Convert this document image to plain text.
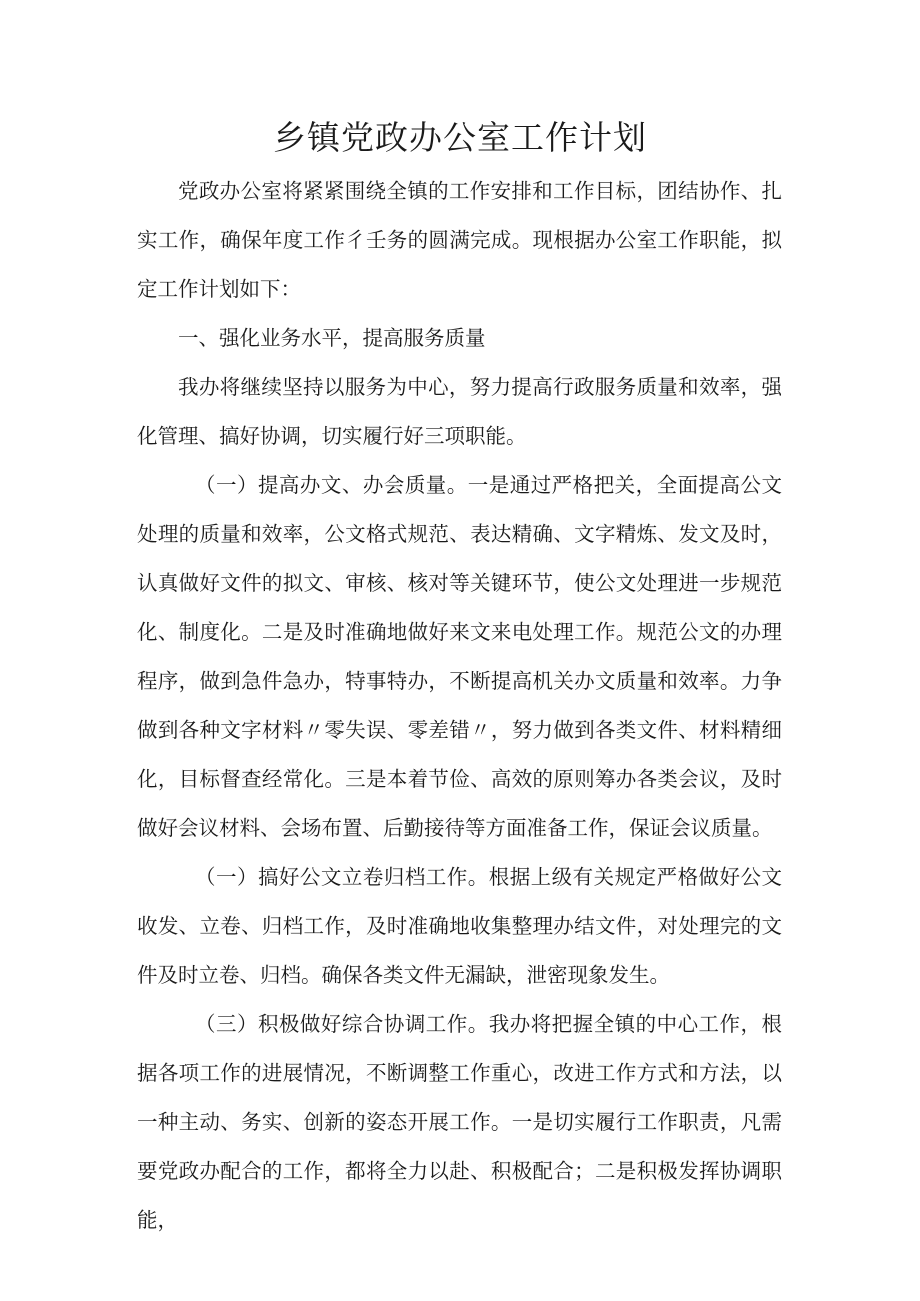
乡镇党政办公室工作计划

党政办公室将紧紧围绕全镇的工作安排和工作目标，团结协作、扎实工作，确保年度工作彳壬务的圆满完成。现根据办公室工作职能，拟定工作计划如下：

一、强化业务水平，提高服务质量

我办将继续坚持以服务为中心，努力提高行政服务质量和效率，强化管理、搞好协调，切实履行好三项职能。

（一）提高办文、办会质量。一是通过严格把关，全面提高公文处理的质量和效率，公文格式规范、表达精确、文字精炼、发文及时，认真做好文件的拟文、审核、核对等关键环节，使公文处理进一步规范化、制度化。二是及时准确地做好来文来电处理工作。规范公文的办理程序，做到急件急办，特事特办，不断提高机关办文质量和效率。力争做到各种文字材料〃零失误、零差错〃，努力做到各类文件、材料精细化，目标督查经常化。三是本着节俭、高效的原则筹办各类会议，及时做好会议材料、会场布置、后勤接待等方面准备工作，保证会议质量。

（一）搞好公文立卷归档工作。根据上级有关规定严格做好公文收发、立卷、归档工作，及时准确地收集整理办结文件，对处理完的文件及时立卷、归档。确保各类文件无漏缺，泄密现象发生。

（三）积极做好综合协调工作。我办将把握全镇的中心工作，根据各项工作的进展情况，不断调整工作重心，改进工作方式和方法，以一种主动、务实、创新的姿态开展工作。一是切实履行工作职责，凡需要党政办配合的工作，都将全力以赴、积极配合；二是积极发挥协调职能，
